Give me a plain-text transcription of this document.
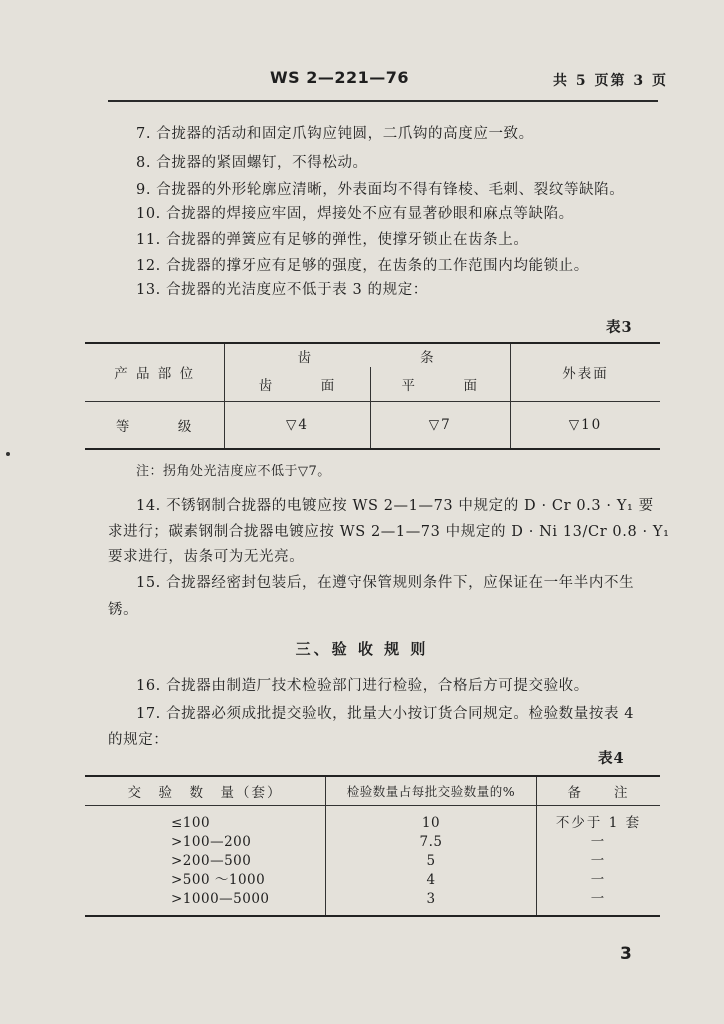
WS 2—221—76	共 5 页第 3 页
7. 合拢器的活动和固定爪钩应钝圆，二爪钩的高度应一致。
8. 合拢器的紧固螺钉，不得松动。
9. 合拢器的外形轮廓应清晰，外表面均不得有锋棱、毛刺、裂纹等缺陷。
10. 合拢器的焊接应牢固，焊接处不应有显著砂眼和麻点等缺陷。
11. 合拢器的弹簧应有足够的弹性，使撑牙锁止在齿条上。
12. 合拢器的撑牙应有足够的强度，在齿条的工作范围内均能锁止。
13. 合拢器的光洁度应不低于表 3 的规定：
表3
产 品 部 位	齿　　　　　　条		外表面
	齿　　　面	平　　　面	
等　　　级	▽4	▽7	▽10
注：拐角处光洁度应不低于▽7。
14. 不锈钢制合拢器的电镀应按 WS 2—1—73 中规定的 D · Cr 0.3 · Y₁ 要
求进行；碳素钢制合拢器电镀应按 WS 2—1—73 中规定的 D · Ni 13/Cr 0.8 · Y₁
要求进行，齿条可为无光亮。
15. 合拢器经密封包装后，在遵守保管规则条件下，应保证在一年半内不生
锈。
三、验 收 规 则
16. 合拢器由制造厂技术检验部门进行检验，合格后方可提交验收。
17. 合拢器必须成批提交验收，批量大小按订货合同规定。检验数量按表 4
的规定：
表4
交　验　数　量（套）	检验数量占每批交验数量的%	备　　注
≤100	10	不少于 1 套
>100—200	7.5	一
>200—500	5	一
>500 ～1000	4	一
>1000—5000	3	一
3
